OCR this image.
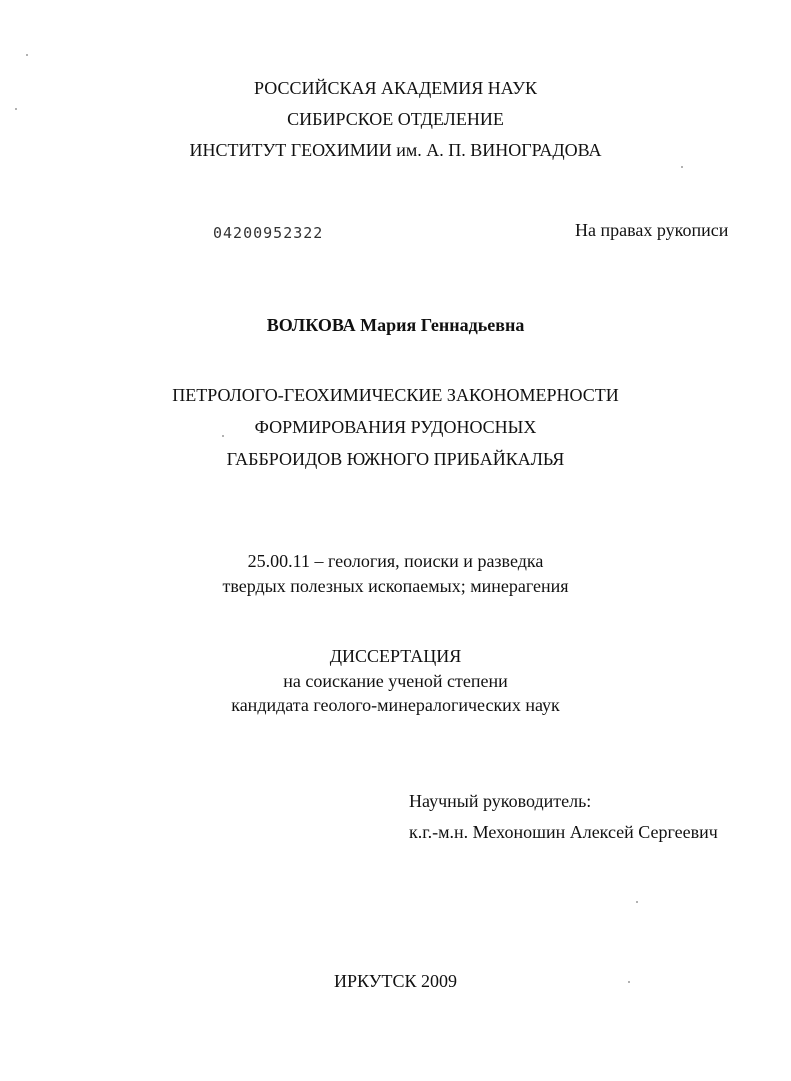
РОССИЙСКАЯ АКАДЕМИЯ НАУК
СИБИРСКОЕ ОТДЕЛЕНИЕ
ИНСТИТУТ ГЕОХИМИИ им. А. П. ВИНОГРАДОВА
04200952322	На правах рукописи
ВОЛКОВА Мария Геннадьевна
ПЕТРОЛОГО-ГЕОХИМИЧЕСКИЕ ЗАКОНОМЕРНОСТИ
ФОРМИРОВАНИЯ РУДОНОСНЫХ
ГАББРОИДОВ ЮЖНОГО ПРИБАЙКАЛЬЯ
25.00.11 – геология, поиски и разведка
твердых полезных ископаемых; минерагения
ДИССЕРТАЦИЯ
на соискание ученой степени
кандидата геолого-минералогических наук
Научный руководитель:
к.г.-м.н. Мехоношин Алексей Сергеевич
ИРКУТСК 2009
